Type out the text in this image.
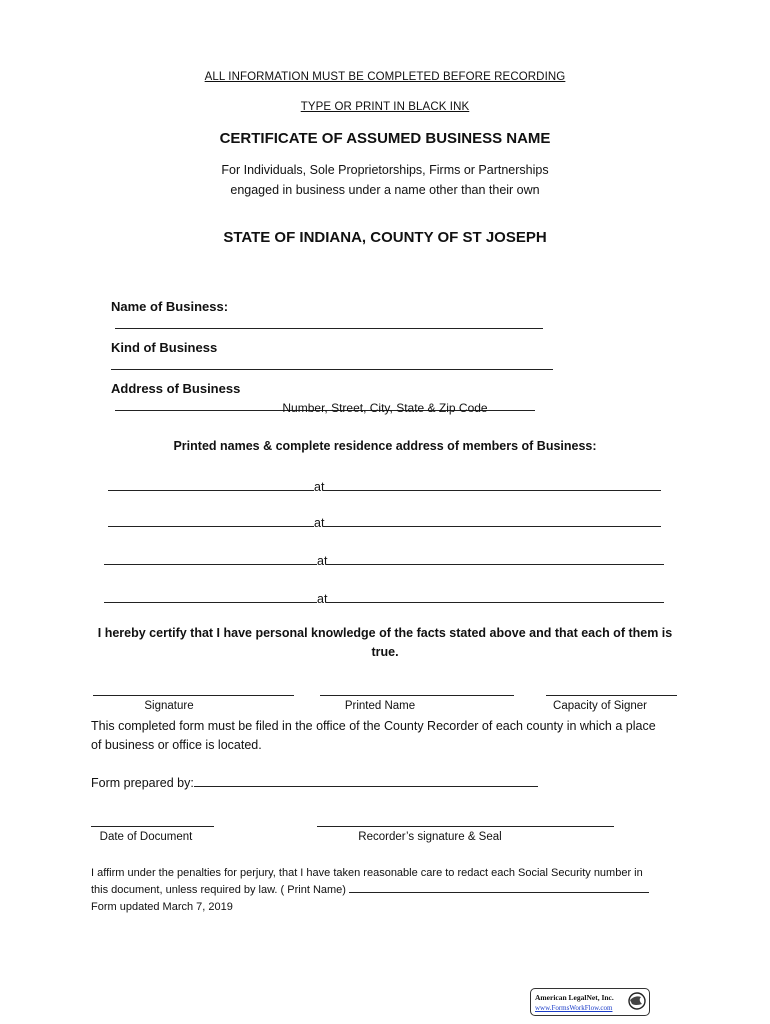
ALL INFORMATION MUST BE COMPLETED BEFORE RECORDING
TYPE OR PRINT IN BLACK INK
CERTIFICATE OF ASSUMED BUSINESS NAME
For Individuals, Sole Proprietorships, Firms or Partnerships
engaged in business under a name other than their own
STATE OF INDIANA, COUNTY OF ST JOSEPH
Name of Business:
Kind of Business
Address of Business
Number, Street, City, State & Zip Code
Printed names & complete residence address of members of Business:
at
at
at
at
I hereby certify that I have personal knowledge of the facts stated above and that each of them is
true.
Signature	Printed Name	Capacity of Signer
This completed form must be filed in the office of the County Recorder of each county in which a place
of business or office is located.
Form prepared by:
Date of Document	Recorder’s signature & Seal
I affirm under the penalties for perjury, that I have taken reasonable care to redact each Social Security number in
this document, unless required by law. ( Print Name)
Form updated March 7, 2019
American LegalNet, Inc.
www.FormsWorkFlow.com
